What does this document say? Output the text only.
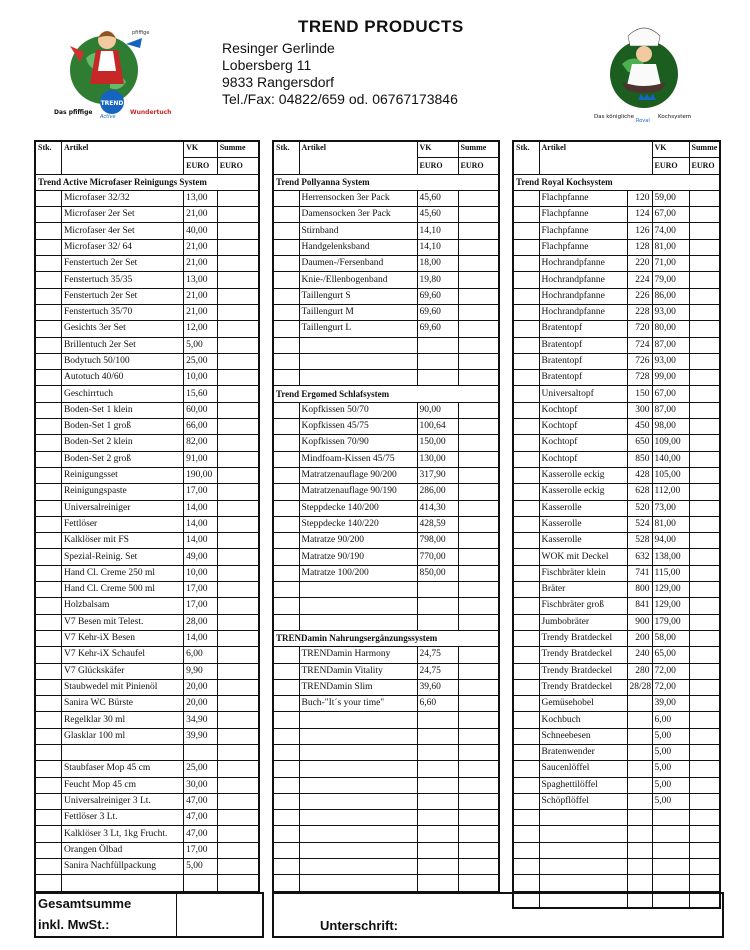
TREND PRODUCTS
Resinger Gerlinde
Lobersberg 11
9833 Rangersdorf
Tel./Fax: 04822/659 od. 06767173846
TREND
pfiffige
Das pfiffige	Wundertuch
Active	Das königliche	Kochsystem
Royal
Stk.	Artikel	VK	Summe
		EURO	EURO
Trend Active Microfaser Reinigungs System			
	Microfaser 32/32	13,00	
	Microfaser 2er Set	21,00	
	Microfaser 4er Set	40,00	
	Microfaser 32/ 64	21,00	
	Fenstertuch 2er Set	21,00	
	Fenstertuch 35/35	13,00	
	Fenstertuch 2er Set	21,00	
	Fenstertuch 35/70	21,00	
	Gesichts 3er Set	12,00	
	Brillentuch 2er Set	5,00	
	Bodytuch 50/100	25,00	
	Autotuch 40/60	10,00	
	Geschirrtuch	15,60	
	Boden-Set 1 klein	60,00	
	Boden-Set 1 groß	66,00	
	Boden-Set 2 klein	82,00	
	Boden-Set 2 groß	91,00	
	Reinigungsset	190,00	
	Reinigungspaste	17,00	
	Universalreiniger	14,00	
	Fettlöser	14,00	
	Kalklöser mit FS	14,00	
	Spezial-Reinig. Set	49,00	
	Hand Cl. Creme 250 ml	10,00	
	Hand Cl. Creme 500 ml	17,00	
	Holzbalsam	17,00	
	V7 Besen mit Telest.	28,00	
	V7 Kehr-iX Besen	14,00	
	V7 Kehr-iX Schaufel	6,00	
	V7 Glückskäfer	9,90	
	Staubwedel mit Pinienöl	20,00	
	Sanira WC Bürste	20,00	
	Regelklar 30 ml	34,90	
	Glasklar 100 ml	39,90	

	Staubfaser Mop 45 cm	25,00	
	Feucht Mop 45 cm	30,00	
	Universalreiniger 3 Lt.	47,00	
	Fettlöser 3 Lt.	47,00	
	Kalklöser 3 Lt, 1kg Frucht.	47,00	
	Orangen Ölbad	17,00	
	Sanira Nachfüllpackung	5,00	

Stk.	Artikel	VK	Summe
		EURO	EURO
Trend Pollyanna System			
	Herrensocken 3er Pack	45,60	
	Damensocken 3er Pack	45,60	
	Stirnband	14,10	
	Handgelenksband	14,10	
	Daumen-/Fersenband	18,00	
	Knie-/Ellenbogenband	19,80	
	Taillengurt S	69,60	
	Taillengurt M	69,60	
	Taillengurt L	69,60	

Trend Ergomed Schlafsystem			
	Kopfkissen 50/70	90,00	
	Kopfkissen 45/75	100,64	
	Kopfkissen 70/90	150,00	
	Mindfoam-Kissen 45/75	130,00	
	Matratzenauflage 90/200	317,90	
	Matratzenauflage 90/190	286,00	
	Steppdecke 140/200	414,30	
	Steppdecke 140/220	428,59	
	Matratze 90/200	798,00	
	Matratze 90/190	770,00	
	Matratze 100/200	850,00	

TRENDamin Nahrungsergänzungssystem			
	TRENDamin Harmony	24,75	
	TRENDamin Vitality	24,75	
	TRENDamin Slim	39,60	
	Buch-"It´s your time"	6,60	

Stk.	Artikel		VK	Summe
			EURO	EURO
Trend Royal Kochsystem				
	Flachpfanne	120	59,00	
	Flachpfanne	124	67,00	
	Flachpfanne	126	74,00	
	Flachpfanne	128	81,00	
	Hochrandpfanne	220	71,00	
	Hochrandpfanne	224	79,00	
	Hochrandpfanne	226	86,00	
	Hochrandpfanne	228	93,00	
	Bratentopf	720	80,00	
	Bratentopf	724	87,00	
	Bratentopf	726	93,00	
	Bratentopf	728	99,00	
	Universaltopf	150	67,00	
	Kochtopf	300	87,00	
	Kochtopf	450	98,00	
	Kochtopf	650	109,00	
	Kochtopf	850	140,00	
	Kasserolle eckig	428	105,00	
	Kasserolle eckig	628	112,00	
	Kasserolle	520	73,00	
	Kasserolle	524	81,00	
	Kasserolle	528	94,00	
	WOK mit Deckel	632	138,00	
	Fischbräter klein	741	115,00	
	Bräter	800	129,00	
	Fischbräter groß	841	129,00	
	Jumbobräter	900	179,00	
	Trendy Bratdeckel	200	58,00	
	Trendy Bratdeckel	240	65,00	
	Trendy Bratdeckel	280	72,00	
	Trendy Bratdeckel	28/28	72,00	
	Gemüsehobel		39,00	
	Kochbuch		6,00	
	Schneebesen		5,00	
	Bratenwender		5,00	
	Saucenlöffel		5,00	
	Spaghettilöffel		5,00	
	Schöpflöffel		5,00	

Gesamtsumme
inkl. MwSt.:	Unterschrift:
